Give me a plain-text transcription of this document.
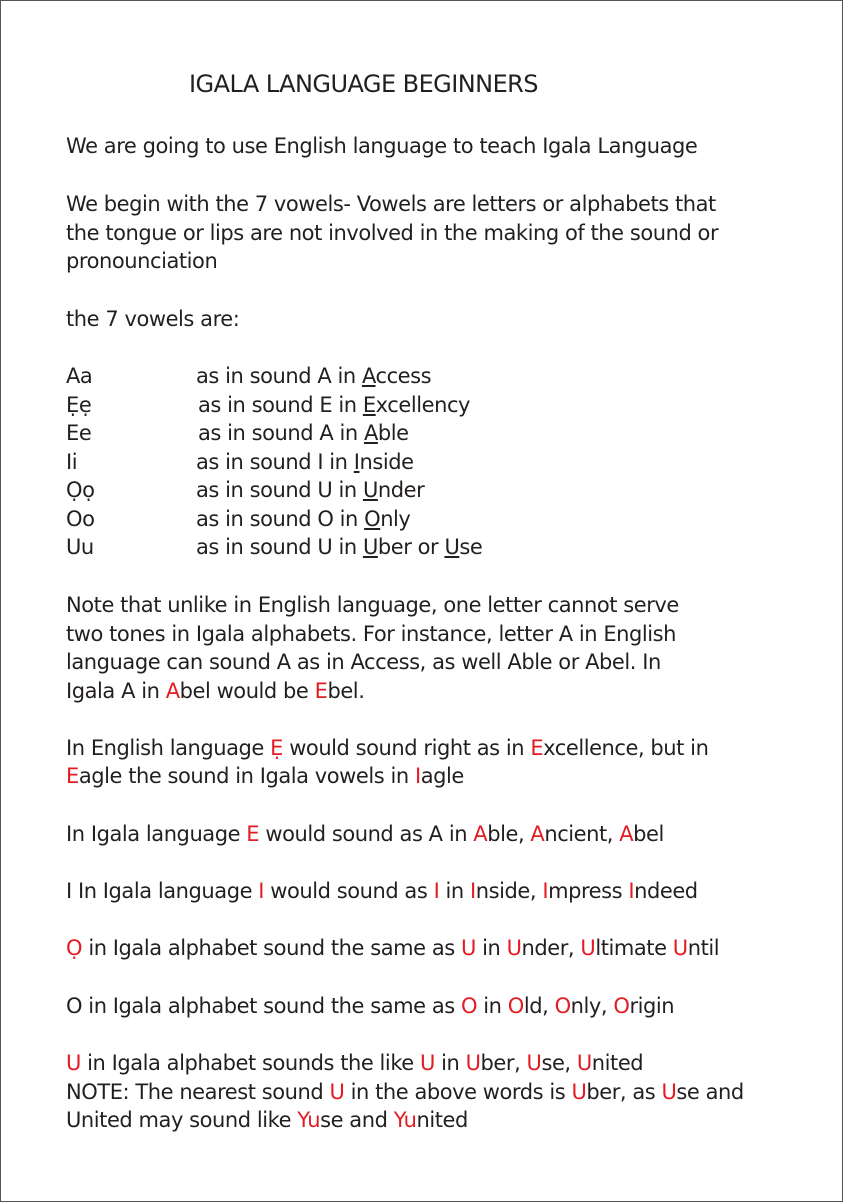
IGALA LANGUAGE BEGINNERS
We are going to use English language to teach Igala Language
We begin with the 7 vowels- Vowels are letters or alphabets that
the tongue or lips are not involved in the making of the sound or
pronounciation
the 7 vowels are:
Aa	as in sound A in Access
Ẹẹ	as in sound E in Excellency
Ee	as in sound A in Able
Ii	as in sound I in Inside
Ọọ	as in sound U in Under
Oo	as in sound O in Only
Uu	as in sound U in Uber or Use
Note that unlike in English language, one letter cannot serve
two tones in Igala alphabets. For instance, letter A in English
language can sound A as in Access, as well Able or Abel. In
Igala A in Abel would be Ebel.
In English language Ẹ would sound right as in Excellence, but in
Eagle the sound in Igala vowels in Iagle
In Igala language E would sound as A in Able, Ancient, Abel
I In Igala language I would sound as I in Inside, Impress Indeed
Ọ in Igala alphabet sound the same as U in Under, Ultimate Until
O in Igala alphabet sound the same as O in Old, Only, Origin
U in Igala alphabet sounds the like U in Uber, Use, United
NOTE: The nearest sound U in the above words is Uber, as Use and
United may sound like Yuse and Yunited
